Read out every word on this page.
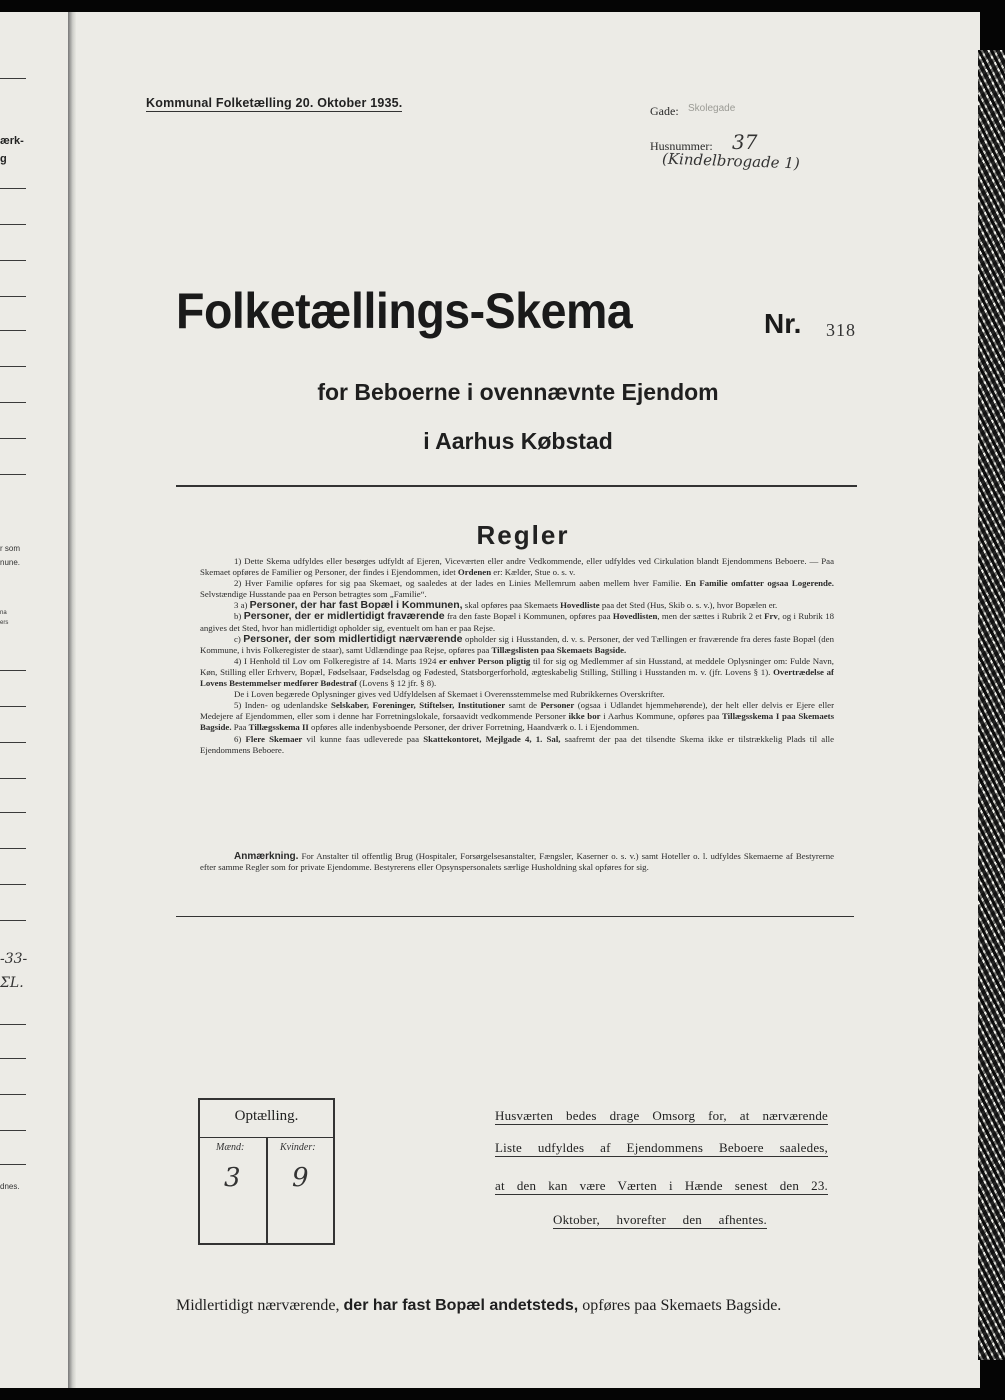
ærk-
g
r som
nune.
na
ers
-33-
ΣL.
dnes.
Kommunal Folketælling 20. Oktober 1935.
Gade: Skolegade
Husnummer: 37
(Kindelbrogade 1)
Folketællings-Skema	Nr. 318
for Beboerne i ovennævnte Ejendom
i Aarhus Købstad
Regler

1) Dette Skema udfyldes eller besørges udfyldt af Ejeren, Viceværten eller andre Vedkommende, eller udfyldes ved Cirkulation blandt Ejendommens Beboere. — Paa Skemaet opføres de Familier og Personer, der findes i Ejendommen, idet Ordenen er: Kælder, Stue o. s. v.

2) Hver Familie opføres for sig paa Skemaet, og saaledes at der lades en Linies Mellemrum aaben mellem hver Familie. En Familie omfatter ogsaa Logerende. Selvstændige Husstande paa en Person betragtes som „Familie“.

3 a) Personer, der har fast Bopæl i Kommunen, skal opføres paa Skemaets Hovedliste paa det Sted (Hus, Skib o. s. v.), hvor Bopælen er.

b) Personer, der er midlertidigt fraværende fra den faste Bopæl i Kommunen, opføres paa Hovedlisten, men der sættes i Rubrik 2 et Frv, og i Rubrik 18 angives det Sted, hvor han midlertidigt opholder sig, eventuelt om han er paa Rejse.

c) Personer, der som midlertidigt nærværende opholder sig i Husstanden, d. v. s. Personer, der ved Tællingen er fraværende fra deres faste Bopæl (den Kommune, i hvis Folkeregister de staar), samt Udlændinge paa Rejse, opføres paa Tillægslisten paa Skemaets Bagside.

4) I Henhold til Lov om Folkeregistre af 14. Marts 1924 er enhver Person pligtig til for sig og Medlemmer af sin Husstand, at meddele Oplysninger om: Fulde Navn, Køn, Stilling eller Erhverv, Bopæl, Fødselsaar, Fødselsdag og Fødested, Statsborgerforhold, ægteskabelig Stilling, Stilling i Husstanden m. v. (jfr. Lovens § 1). Overtrædelse af Lovens Bestemmelser medfører Bødestraf (Lovens § 12 jfr. § 8).

De i Loven begærede Oplysninger gives ved Udfyldelsen af Skemaet i Overensstemmelse med Rubrikkernes Overskrifter.

5) Inden- og udenlandske Selskaber, Foreninger, Stiftelser, Institutioner samt de Personer (ogsaa i Udlandet hjemmehørende), der helt eller delvis er Ejere eller Medejere af Ejendommen, eller som i denne har Forretningslokale, forsaavidt vedkommende Personer ikke bor i Aarhus Kommune, opføres paa Tillægsskema I paa Skemaets Bagside. Paa Tillægsskema II opføres alle indenbysboende Personer, der driver Forretning, Haandværk o. l. i Ejendommen.

6) Flere Skemaer vil kunne faas udleverede paa Skattekontoret, Mejlgade 4, 1. Sal, saafremt der paa det tilsendte Skema ikke er tilstrækkelig Plads til alle Ejendommens Beboere.

Anmærkning. For Anstalter til offentlig Brug (Hospitaler, Forsørgelsesanstalter, Fængsler, Kaserner o. s. v.) samt Hoteller o. l. udfyldes Skemaerne af Bestyrerne efter samme Regler som for private Ejendomme. Bestyrerens eller Opsynspersonalets særlige Husholdning skal opføres for sig.

Optælling.
Mænd:	Kvinder:
3 9
Husværten bedes drage Omsorg for, at nærværende
Liste udfyldes af Ejendommens Beboere saaledes,
at den kan være Værten i Hænde senest den 23.
Oktober, hvorefter den afhentes.
Midlertidigt nærværende, der har fast Bopæl andetsteds, opføres paa Skemaets Bagside.
